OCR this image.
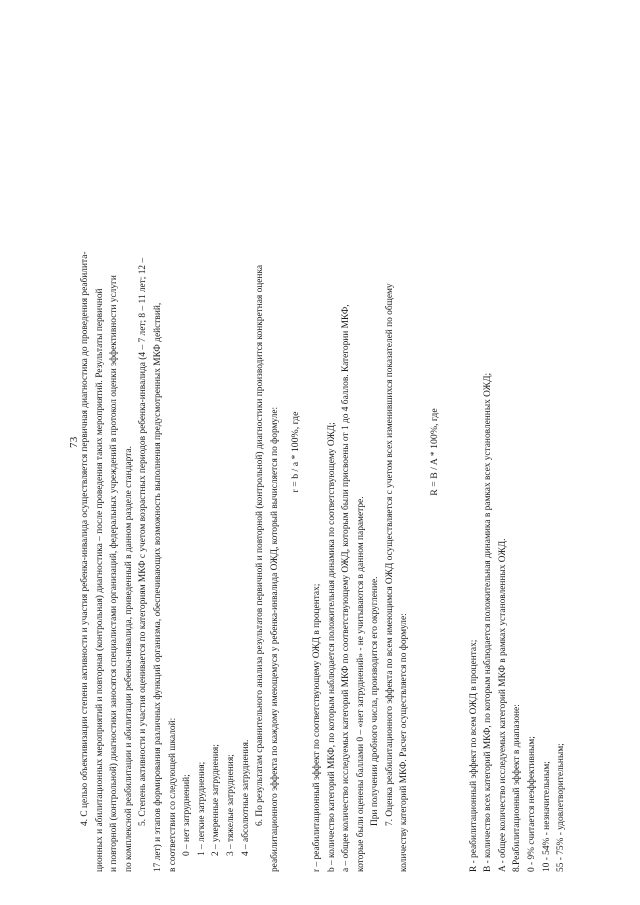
73 4. С целью объективизации степени активности и участия ребенка-инвалида осуществляется первичная диагностика до проведения реабилита- ционных и абилитационных мероприятий и повторная (контрольная) диагностика – после проведения таких мероприятий. Результаты первичной и повторной (контрольной) диагностики заносятся специалистами организаций, федеральных учреждений в протокол оценки эффективности услуги по комплексной реабилитации и абилитации ребенка-инвалида, приведенный в данном разделе стандарта. 5. Степень активности и участия оценивается по категориям МКФ с учетом возрастных периодов ребенка-инвалида (4 – 7 лет; 8 – 11 лет; 12 – 17 лет) и этапов формирования различных функций организма, обеспечивающих возможность выполнения предусмотренных МКФ действий, в соответствии со следующей шкалой: 0 – нет затруднений; 1 – легкие затруднения; 2 – умеренные затруднения; 3 – тяжелые затруднения; 4 – абсолютные затруднения. 6. По результатам сравнительного анализа результатов первичной и повторной (контрольной) диагностики производится конкретная оценка реабилитационного эффекта по каждому имеющемуся у ребенка-инвалида ОЖД, который вычисляется по формуле:	r = b / a * 100%, где
r – реабилитационный эффект по соответствующему ОЖД в процентах; b – количество категорий МКФ, по которым наблюдается положительная динамика по соответствующему ОЖД; a – общее количество исследуемых категорий МКФ по соответствующему ОЖД, которым были присвоены от 1 до 4 баллов. Категории МКФ, которые были оценены баллами 0 – «нет затруднений» - не учитываются в данном параметре. При получении дробного числа, производится его округление. 7. Оценка реабилитационного эффекта по всем имеющимся ОЖД осуществляется с учетом всех изменившихся показателей по общему количеству категорий МКФ. Расчет осуществляется по формуле:
R = B / A * 100%, где
R - реабилитационный эффект по всем ОЖД в процентах; B - количество всех категорий МКФ, по которым наблюдается положительная динамика в рамках всех установленных ОЖД; A - общее количество исследуемых категорий МКФ в рамках установленных ОЖД. 8.Реабилитационный эффект в диапазоне: 0 - 9% считается неэффективным; 10 - 54% - незначительным; 55 - 75% - удовлетворительным;
